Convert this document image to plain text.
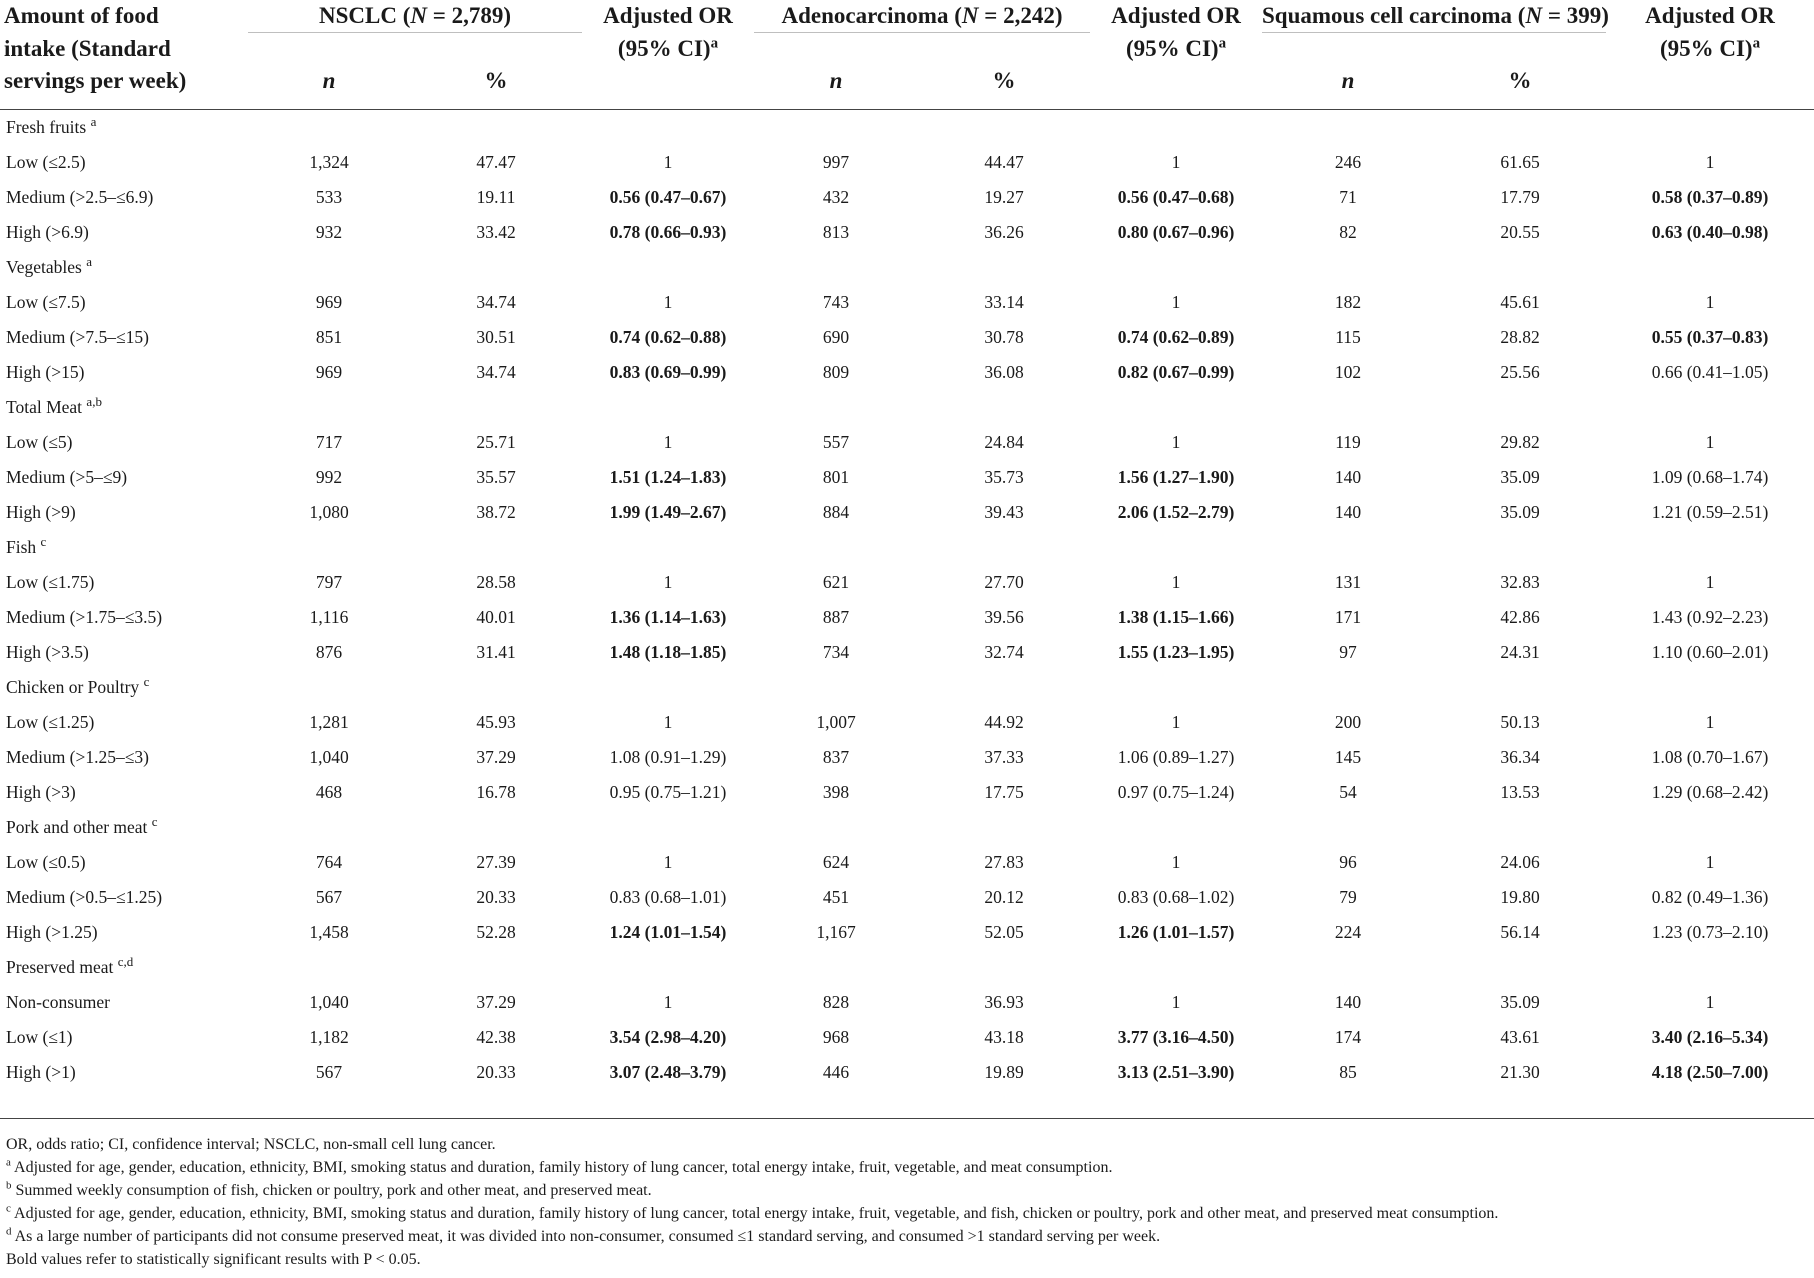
Amount of food	NSCLC (N = 2,789)		Adjusted OR	Adenocarcinoma (N = 2,242)		Adjusted OR	Squamous cell carcinoma (N = 399)		Adjusted OR
intake (Standard			(95% CI)$^a$			(95% CI)$^a$			(95% CI)$^a$
servings per week)	n	%		n	%		n	%	
Fresh fruits $^a$	
Low (≤2.5)	1,324	47.47	1	997	44.47	1	246	61.65	1
Medium (>2.5–≤6.9)	533	19.11	0.56 (0.47–0.67)	432	19.27	0.56 (0.47–0.68)	71	17.79	0.58 (0.37–0.89)
High (>6.9)	932	33.42	0.78 (0.66–0.93)	813	36.26	0.80 (0.67–0.96)	82	20.55	0.63 (0.40–0.98)
Vegetables $^a$	
Low (≤7.5)	969	34.74	1	743	33.14	1	182	45.61	1
Medium (>7.5–≤15)	851	30.51	0.74 (0.62–0.88)	690	30.78	0.74 (0.62–0.89)	115	28.82	0.55 (0.37–0.83)
High (>15)	969	34.74	0.83 (0.69–0.99)	809	36.08	0.82 (0.67–0.99)	102	25.56	0.66 (0.41–1.05)
Total Meat $^{a,b}$	
Low (≤5)	717	25.71	1	557	24.84	1	119	29.82	1
Medium (>5–≤9)	992	35.57	1.51 (1.24–1.83)	801	35.73	1.56 (1.27–1.90)	140	35.09	1.09 (0.68–1.74)
High (>9)	1,080	38.72	1.99 (1.49–2.67)	884	39.43	2.06 (1.52–2.79)	140	35.09	1.21 (0.59–2.51)
Fish $^c$	
Low (≤1.75)	797	28.58	1	621	27.70	1	131	32.83	1
Medium (>1.75–≤3.5)	1,116	40.01	1.36 (1.14–1.63)	887	39.56	1.38 (1.15–1.66)	171	42.86	1.43 (0.92–2.23)
High (>3.5)	876	31.41	1.48 (1.18–1.85)	734	32.74	1.55 (1.23–1.95)	97	24.31	1.10 (0.60–2.01)
Chicken or Poultry $^c$	
Low (≤1.25)	1,281	45.93	1	1,007	44.92	1	200	50.13	1
Medium (>1.25–≤3)	1,040	37.29	1.08 (0.91–1.29)	837	37.33	1.06 (0.89–1.27)	145	36.34	1.08 (0.70–1.67)
High (>3)	468	16.78	0.95 (0.75–1.21)	398	17.75	0.97 (0.75–1.24)	54	13.53	1.29 (0.68–2.42)
Pork and other meat $^c$	
Low (≤0.5)	764	27.39	1	624	27.83	1	96	24.06	1
Medium (>0.5–≤1.25)	567	20.33	0.83 (0.68–1.01)	451	20.12	0.83 (0.68–1.02)	79	19.80	0.82 (0.49–1.36)
High (>1.25)	1,458	52.28	1.24 (1.01–1.54)	1,167	52.05	1.26 (1.01–1.57)	224	56.14	1.23 (0.73–2.10)
Preserved meat $^{c,d}$	
Non-consumer	1,040	37.29	1	828	36.93	1	140	35.09	1
Low (≤1)	1,182	42.38	3.54 (2.98–4.20)	968	43.18	3.77 (3.16–4.50)	174	43.61	3.40 (2.16–5.34)
High (>1)	567	20.33	3.07 (2.48–3.79)	446	19.89	3.13 (2.51–3.90)	85	21.30	4.18 (2.50–7.00)
OR, odds ratio; CI, confidence interval; NSCLC, non-small cell lung cancer.
$^a$ Adjusted for age, gender, education, ethnicity, BMI, smoking status and duration, family history of lung cancer, total energy intake, fruit, vegetable, and meat consumption.
$^b$ Summed weekly consumption of fish, chicken or poultry, pork and other meat, and preserved meat.
$^c$ Adjusted for age, gender, education, ethnicity, BMI, smoking status and duration, family history of lung cancer, total energy intake, fruit, vegetable, and fish, chicken or poultry, pork and other meat, and preserved meat consumption.
$^d$ As a large number of participants did not consume preserved meat, it was divided into non-consumer, consumed ≤1 standard serving, and consumed >1 standard serving per week.
Bold values refer to statistically significant results with P < 0.05.
